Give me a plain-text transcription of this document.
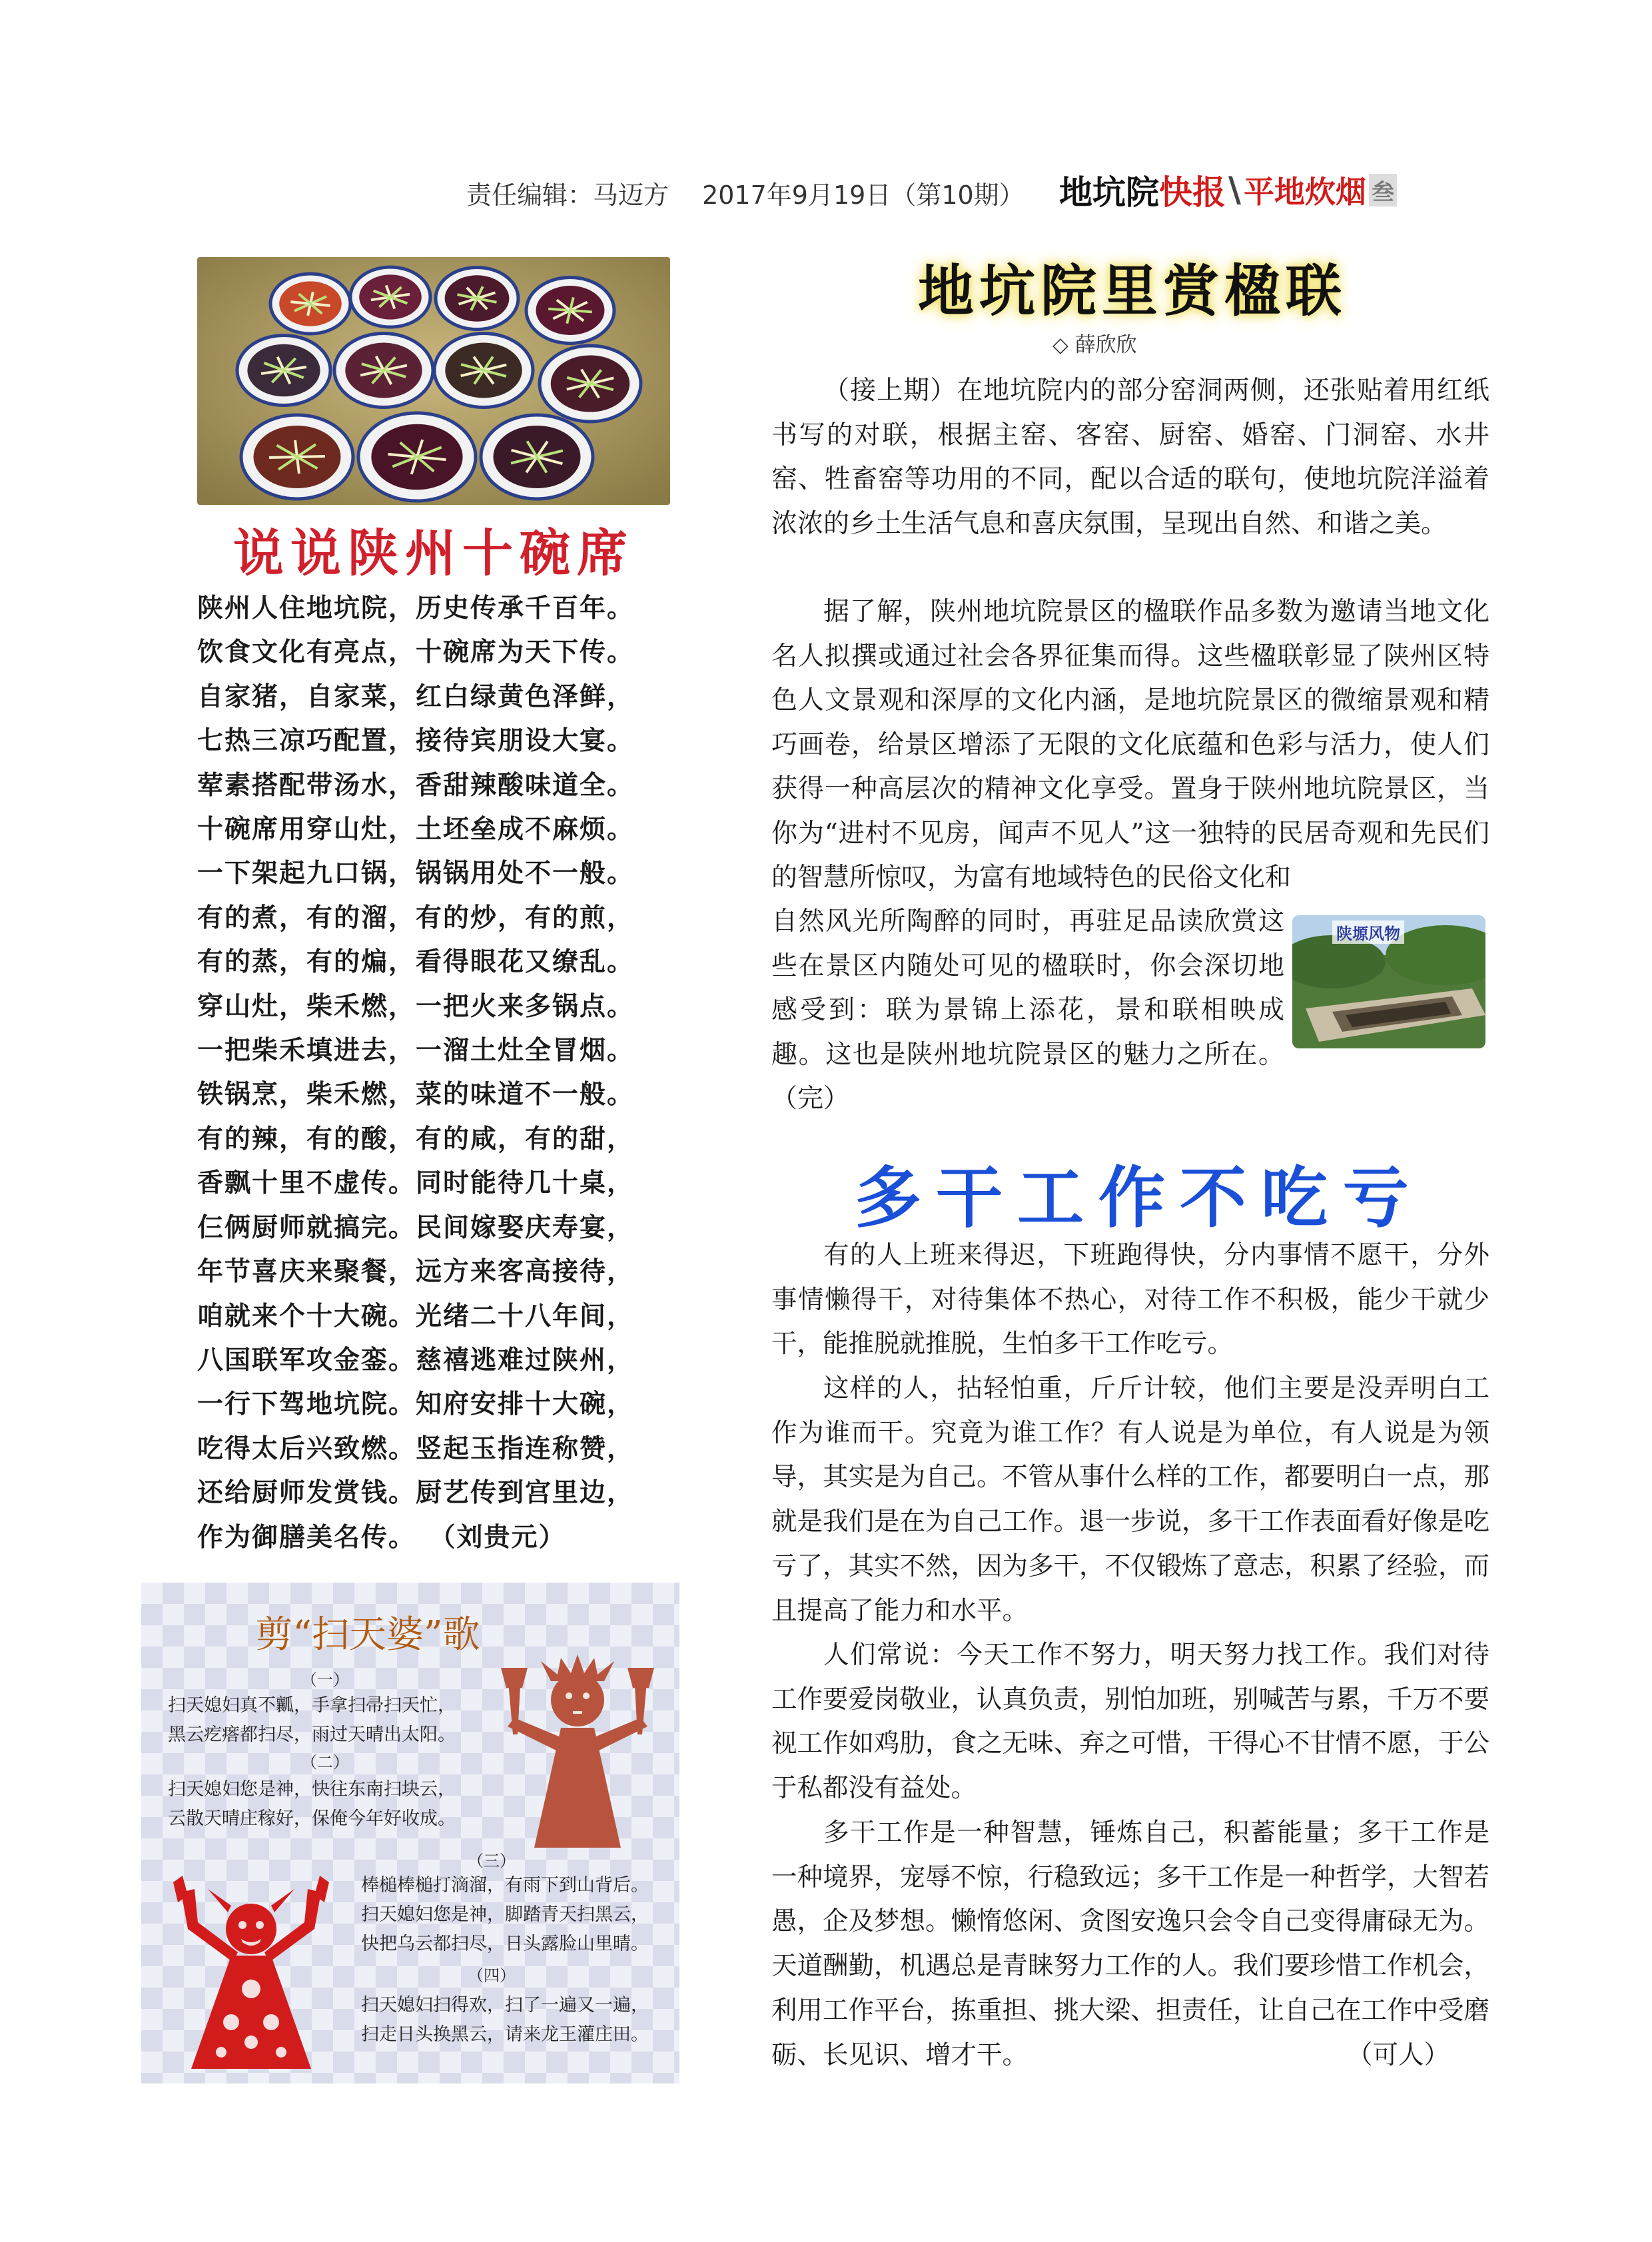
责任编辑：马迈方　 2017年9月19日（第10期） 地坑院 快报 \ 平地炊烟 叁
说说陕州十碗席
陕州人住地坑院，历史传承千百年。
饮食文化有亮点，十碗席为天下传。
自家猪，自家菜，红白绿黄色泽鲜，
七热三凉巧配置，接待宾朋设大宴。
荤素搭配带汤水，香甜辣酸味道全。
十碗席用穿山灶，土坯垒成不麻烦。
一下架起九口锅，锅锅用处不一般。
有的煮，有的溜，有的炒，有的煎，
有的蒸，有的煸，看得眼花又缭乱。
穿山灶，柴禾燃，一把火来多锅点。
一把柴禾填进去，一溜土灶全冒烟。
铁锅烹，柴禾燃，菜的味道不一般。
有的辣，有的酸，有的咸，有的甜，
香飘十里不虚传。同时能待几十桌，
仨俩厨师就搞完。民间嫁娶庆寿宴，
年节喜庆来聚餐，远方来客高接待，
咱就来个十大碗。光绪二十八年间，
八国联军攻金銮。慈禧逃难过陕州，
一行下驾地坑院。知府安排十大碗，
吃得太后兴致燃。竖起玉指连称赞，
还给厨师发赏钱。厨艺传到宫里边，
作为御膳美名传。 （刘贵元）
剪“扫天婆”歌
（一）
扫天媳妇真不瓤，手拿扫帚扫天忙，
黑云疙瘩都扫尽，雨过天晴出太阳。
（二）
扫天媳妇您是神，快往东南扫块云，
云散天晴庄稼好，保俺今年好收成。
（三）
棒槌棒槌打滴溜，有雨下到山背后。
扫天媳妇您是神，脚踏青天扫黑云，
快把乌云都扫尽，日头露脸山里晴。
（四）
扫天媳妇扫得欢，扫了一遍又一遍，
扫走日头换黑云，请来龙王灌庄田。
地坑院里赏楹联
◇ 薛欣欣
（接上期）在地坑院内的部分窑洞两侧，还张贴着用红纸书写的对联，根据主窑、客窑、厨窑、婚窑、门洞窑、水井窑、牲畜窑等功用的不同，配以合适的联句，使地坑院洋溢着浓浓的乡土生活气息和喜庆氛围，呈现出自然、和谐之美。
据了解，陕州地坑院景区的楹联作品多数为邀请当地文化名人拟撰或通过社会各界征集而得。这些楹联彰显了陕州区特色人文景观和深厚的文化内涵，是地坑院景区的微缩景观和精巧画卷，给景区增添了无限的文化底蕴和色彩与活力，使人们获得一种高层次的精神文化享受。置身于陕州地坑院景区，当你为“进村不见房，闻声不见人”这一独特的民居奇观和先民们的智慧所惊叹，为富有地域特色的民俗文化和
自然风光所陶醉的同时，再驻足品读欣赏这些在景区内随处可见的楹联时，你会深切地感受到：联为景锦上添花，景和联相映成趣。这也是陕州地坑院景区的魅力之所在。（完）
陕塬风物
多干工作不吃亏
有的人上班来得迟，下班跑得快，分内事情不愿干，分外事情懒得干，对待集体不热心，对待工作不积极，能少干就少干，能推脱就推脱，生怕多干工作吃亏。
这样的人，拈轻怕重，斤斤计较，他们主要是没弄明白工作为谁而干。究竟为谁工作？有人说是为单位，有人说是为领导，其实是为自己。不管从事什么样的工作，都要明白一点，那就是我们是在为自己工作。退一步说，多干工作表面看好像是吃亏了，其实不然，因为多干，不仅锻炼了意志，积累了经验，而且提高了能力和水平。
人们常说：今天工作不努力，明天努力找工作。我们对待工作要爱岗敬业，认真负责，别怕加班，别喊苦与累，千万不要视工作如鸡肋，食之无味、弃之可惜，干得心不甘情不愿，于公于私都没有益处。
多干工作是一种智慧，锤炼自己，积蓄能量；多干工作是一种境界，宠辱不惊，行稳致远；多干工作是一种哲学，大智若愚，企及梦想。懒惰悠闲、贪图安逸只会令自己变得庸碌无为。天道酬勤，机遇总是青睐努力工作的人。我们要珍惜工作机会，利用工作平台，拣重担、挑大梁、担责任，让自己在工作中受磨砺、长见识、增才干。	（可人）
